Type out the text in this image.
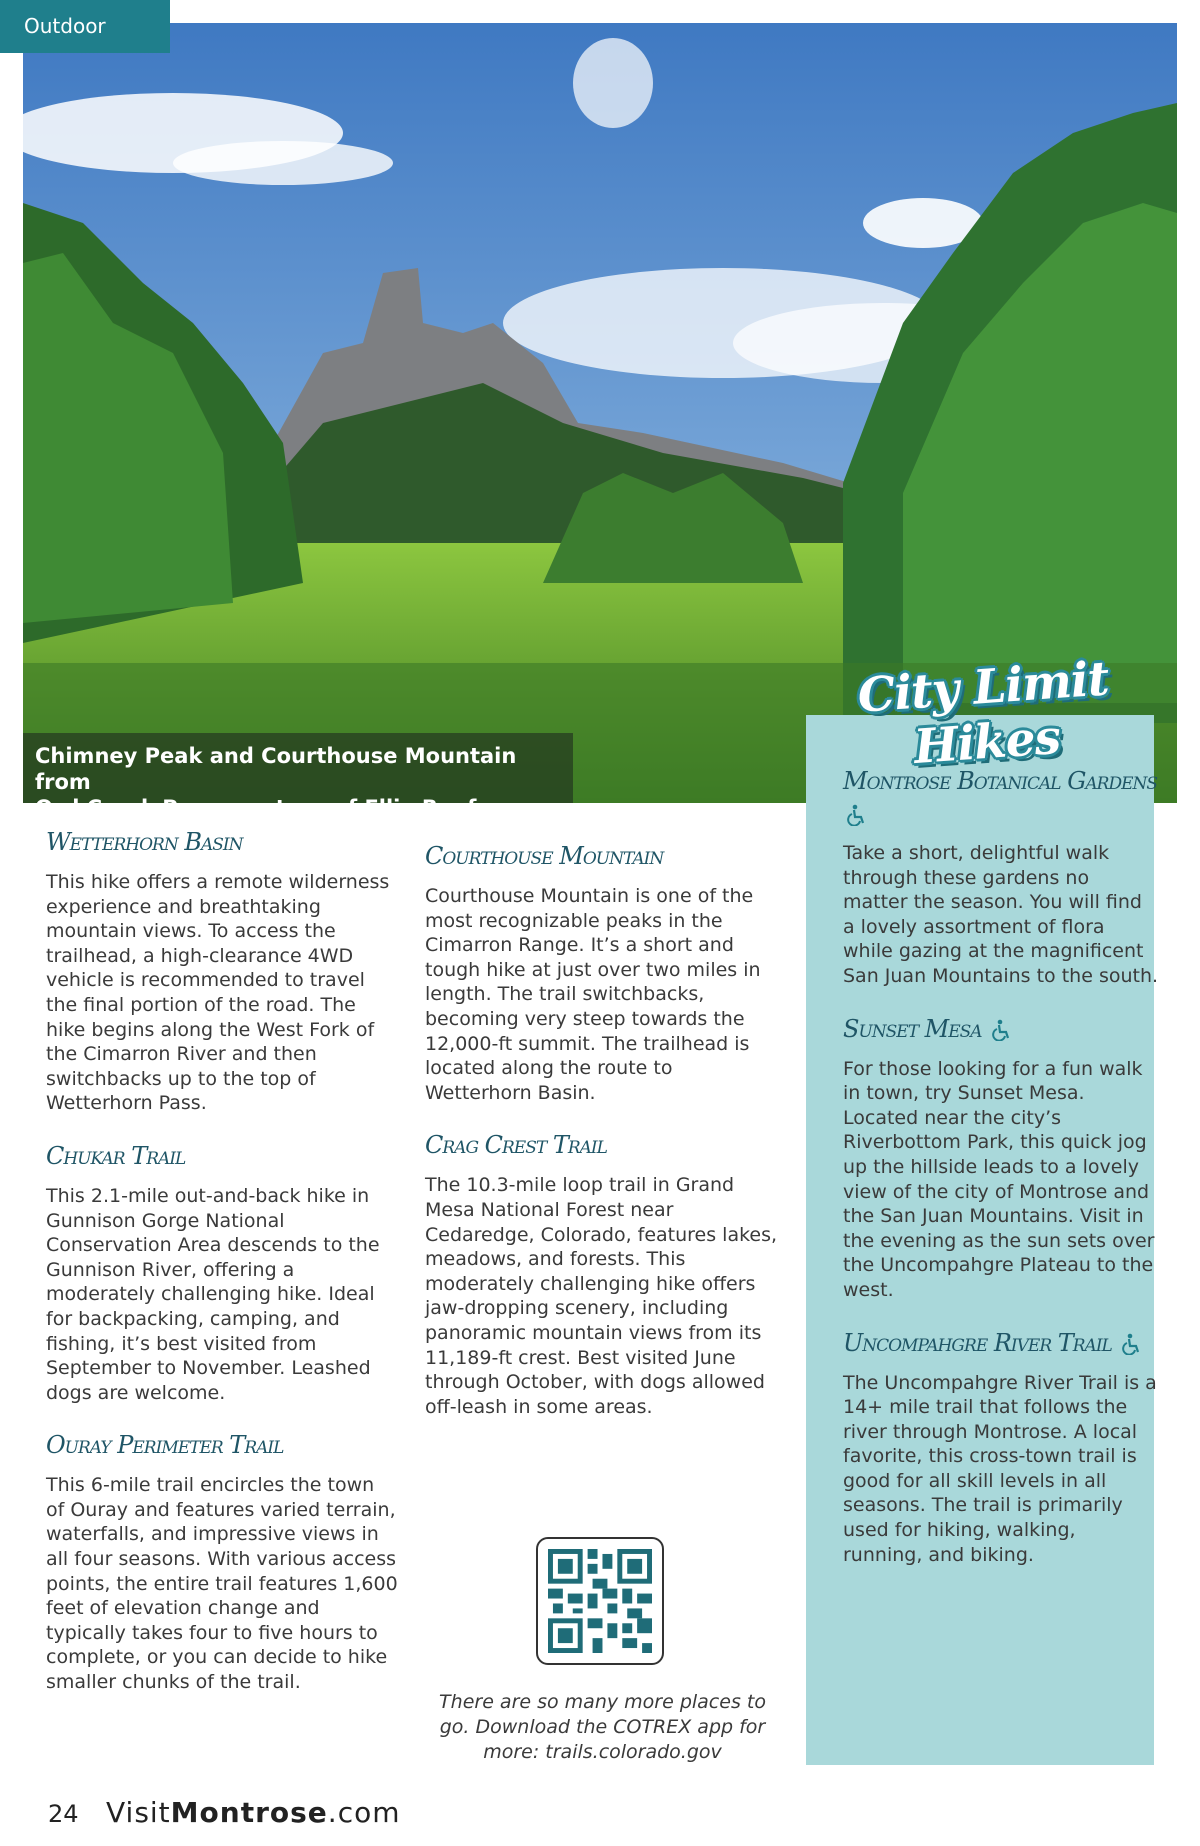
Outdoor
Chimney Peak and Courthouse Mountain from
Owl Creek Pass courtesy of Ellie Renfrow
City Limit Hikes
Wetterhorn Basin

This hike offers a remote wilderness experience and breathtaking mountain views. To access the trailhead, a high-clearance 4WD vehicle is recommended to travel the final portion of the road. The hike begins along the West Fork of the Cimarron River and then switchbacks up to the top of Wetterhorn Pass.

Chukar Trail

This 2.1-mile out-and-back hike in Gunnison Gorge National Conservation Area descends to the Gunnison River, offering a moderately challenging hike. Ideal for backpacking, camping, and fishing, it’s best visited from September to November. Leashed dogs are welcome.

Ouray Perimeter Trail

This 6-mile trail encircles the town of Ouray and features varied terrain, waterfalls, and impressive views in all four seasons. With various access points, the entire trail features 1,600 feet of elevation change and typically takes four to five hours to complete, or you can decide to hike smaller chunks of the trail.

Courthouse Mountain

Courthouse Mountain is one of the most recognizable peaks in the Cimarron Range. It’s a short and tough hike at just over two miles in length. The trail switchbacks, becoming very steep towards the 12,000-ft summit. The trailhead is located along the route to Wetterhorn Basin.

Crag Crest Trail

The 10.3-mile loop trail in Grand Mesa National Forest near Cedaredge, Colorado, features lakes, meadows, and forests. This moderately challenging hike offers jaw-dropping scenery, including panoramic mountain views from its 11,189-ft crest. Best visited June through October, with dogs allowed off-leash in some areas.

There are so many more places to go. Download the COTREX app for more: trails.colorado.gov
Montrose Botanical Gardens

Take a short, delightful walk through these gardens no matter the season. You will find a lovely assortment of flora while gazing at the magnificent San Juan Mountains to the south.

Sunset Mesa

For those looking for a fun walk in town, try Sunset Mesa. Located near the city’s Riverbottom Park, this quick jog up the hillside leads to a lovely view of the city of Montrose and the San Juan Mountains. Visit in the evening as the sun sets over the Uncompahgre Plateau to the west.

Uncompahgre River Trail

The Uncompahgre River Trail is a 14+ mile trail that follows the river through Montrose. A local favorite, this cross-town trail is good for all skill levels in all seasons. The trail is primarily used for hiking, walking, running, and biking.

24 VisitMontrose.com
